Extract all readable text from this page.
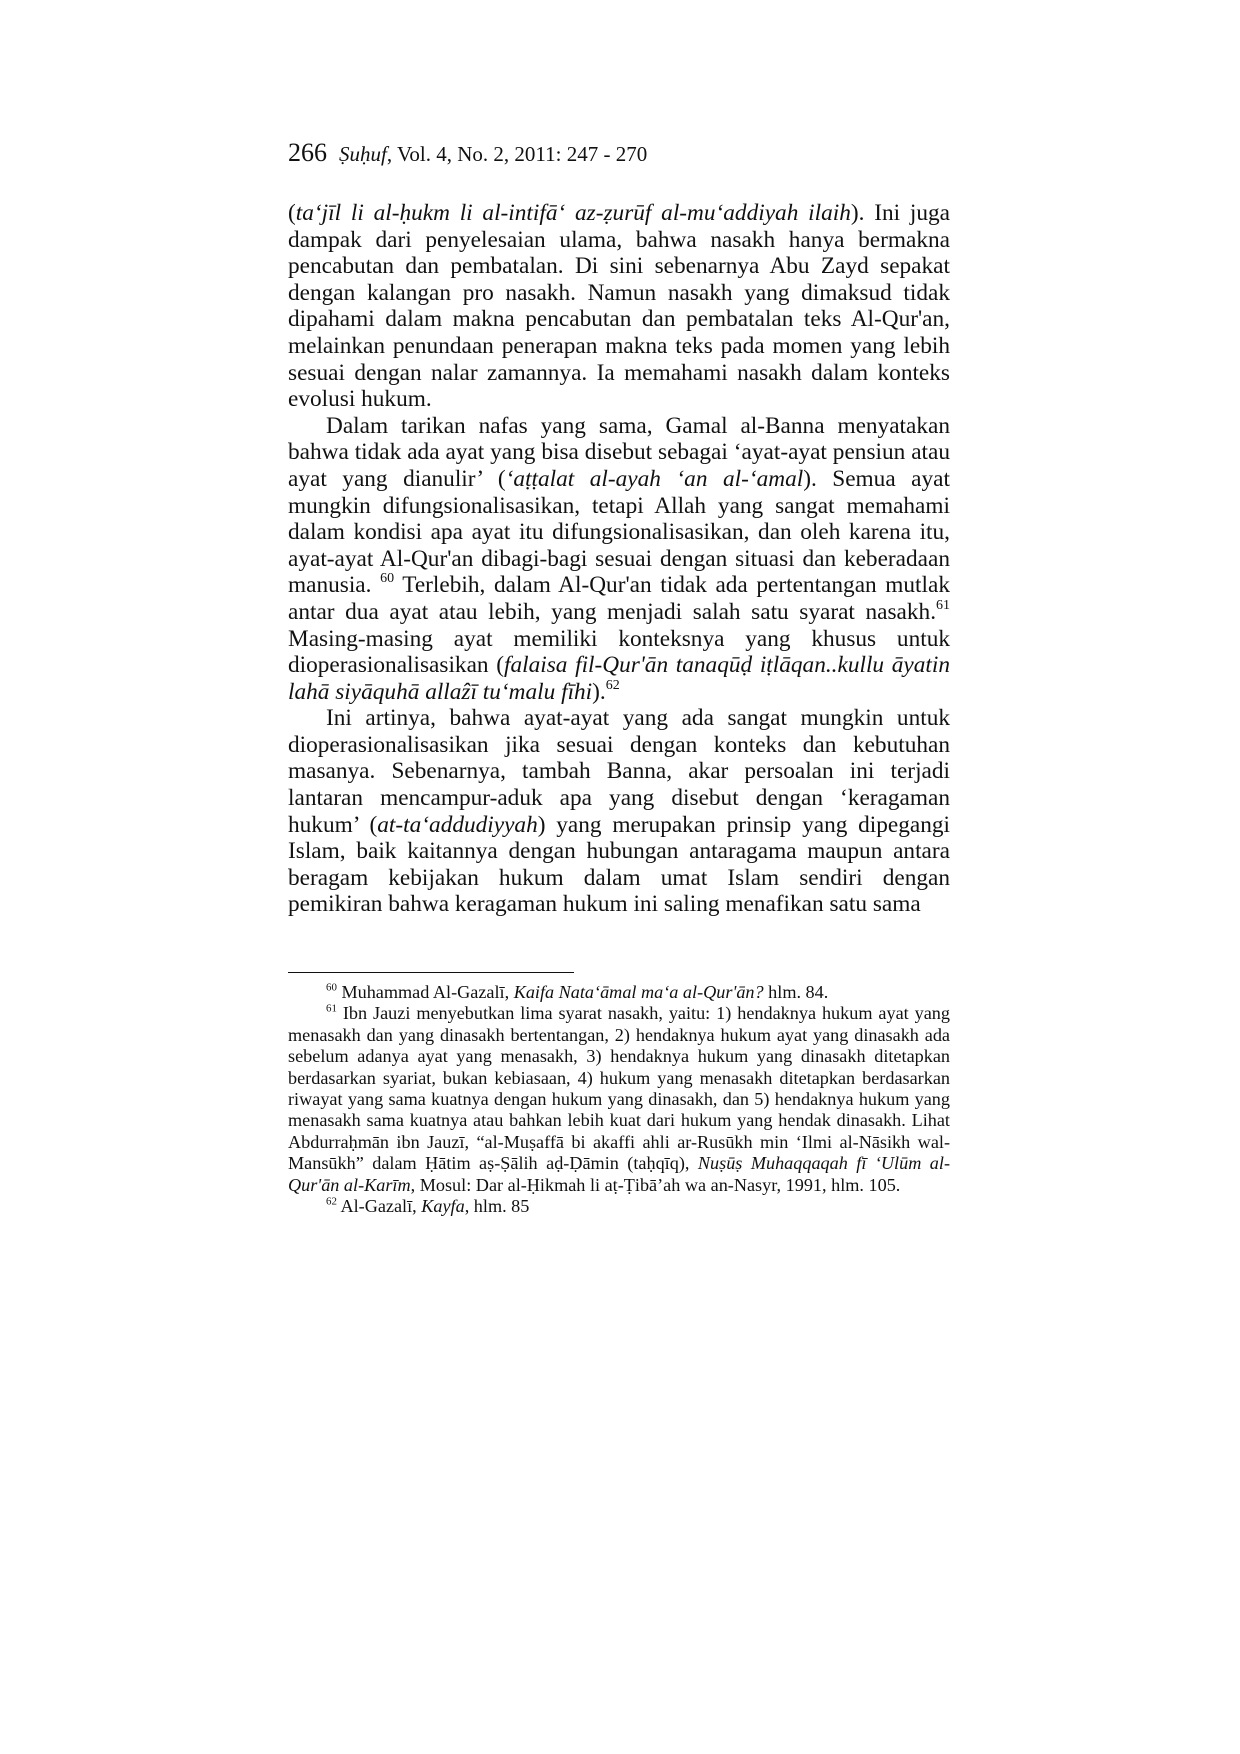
266 Ṣuḥuf, Vol. 4, No. 2, 2011: 247 - 270

(ta‘jīl li al-ḥukm li al-intifā‘ az-ẓurūf al-mu‘addiyah ilaih). Ini juga dampak dari penyelesaian ulama, bahwa nasakh hanya bermakna pencabutan dan pembatalan. Di sini sebenarnya Abu Zayd sepakat dengan kalangan pro nasakh. Namun nasakh yang dimaksud tidak dipahami dalam makna pencabutan dan pembatalan teks Al-Qur'an, melainkan penundaan penerapan makna teks pada momen yang lebih sesuai dengan nalar zamannya. Ia memahami nasakh dalam konteks evolusi hukum.

Dalam tarikan nafas yang sama, Gamal al-Banna menyatakan bahwa tidak ada ayat yang bisa disebut sebagai ‘ayat-ayat pensiun atau ayat yang dianulir’ (‘aṭṭalat al-ayah ‘an al-‘amal). Semua ayat mungkin difungsionalisasikan, tetapi Allah yang sangat memahami dalam kondisi apa ayat itu difungsionalisasikan, dan oleh karena itu, ayat-ayat Al-Qur'an dibagi-bagi sesuai dengan situasi dan keberadaan manusia. $^{60}$ Terlebih, dalam Al-Qur'an tidak ada pertentangan mutlak antar dua ayat atau lebih, yang menjadi salah satu syarat nasakh.$^{61}$ Masing-masing ayat memiliki konteksnya yang khusus untuk dioperasionalisasikan (falaisa fil-Qur'ān tanaqūḍ iṭlāqan..kullu āyatin lahā siyāquhā allaẑī tu‘malu fīhi).$^{62}$

Ini artinya, bahwa ayat-ayat yang ada sangat mungkin untuk dioperasionalisasikan jika sesuai dengan konteks dan kebutuhan masanya. Sebenarnya, tambah Banna, akar persoalan ini terjadi lantaran mencampur-aduk apa yang disebut dengan ‘keragaman hukum’ (at-ta‘addudiyyah) yang merupakan prinsip yang dipegangi Islam, baik kaitannya dengan hubungan antaragama maupun antara beragam kebijakan hukum dalam umat Islam sendiri dengan pemikiran bahwa keragaman hukum ini saling menafikan satu sama

$^{60}$ Muhammad Al-Gazalī, Kaifa Nata‘āmal ma‘a al-Qur'ān? hlm. 84.

$^{61}$ Ibn Jauzi menyebutkan lima syarat nasakh, yaitu: 1) hendaknya hukum ayat yang menasakh dan yang dinasakh bertentangan, 2) hendaknya hukum ayat yang dinasakh ada sebelum adanya ayat yang menasakh, 3) hendaknya hukum yang dinasakh ditetapkan berdasarkan syariat, bukan kebiasaan, 4) hukum yang menasakh ditetapkan berdasarkan riwayat yang sama kuatnya dengan hukum yang dinasakh, dan 5) hendaknya hukum yang menasakh sama kuatnya atau bahkan lebih kuat dari hukum yang hendak dinasakh. Lihat Abdurraḥmān ibn Jauzī, “al-Muṣaffā bi akaffi ahli ar-Rusūkh min ‘Ilmi al-Nāsikh wal-Mansūkh” dalam Ḥātim aṣ-Ṣālih aḍ-Ḍāmin (taḥqīq), Nuṣūṣ Muhaqqaqah fī ‘Ulūm al-Qur'ān al-Karīm, Mosul: Dar al-Ḥikmah li aṭ-Ṭibā’ah wa an-Nasyr, 1991, hlm. 105.

$^{62}$ Al-Gazalī, Kayfa, hlm. 85
